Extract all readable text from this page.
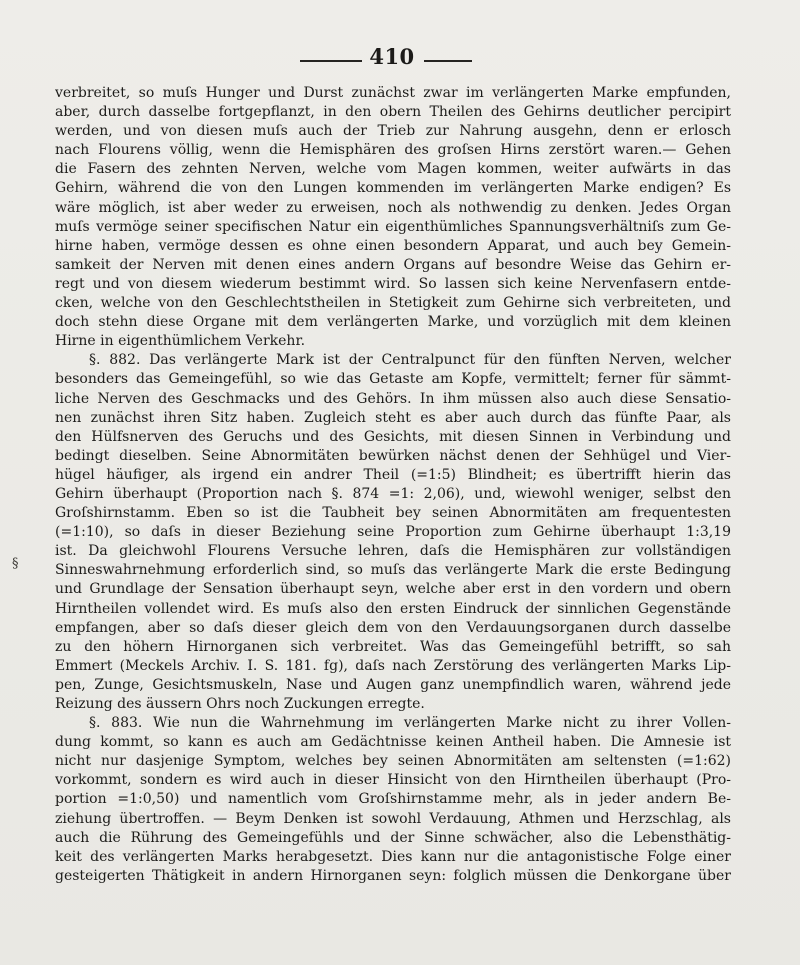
410
§
verbreitet, so muſs Hunger und Durst zunächst zwar im verlängerten Marke empfunden,
aber, durch dasselbe fortgepflanzt, in den obern Theilen des Gehirns deutlicher percipirt
werden, und von diesen muſs auch der Trieb zur Nahrung ausgehn, denn er erlosch
nach Flourens völlig, wenn die Hemisphären des groſsen Hirns zerstört waren.— Gehen
die Fasern des zehnten Nerven, welche vom Magen kommen, weiter aufwärts in das
Gehirn, während die von den Lungen kommenden im verlängerten Marke endigen? Es
wäre möglich, ist aber weder zu erweisen, noch als nothwendig zu denken. Jedes Organ
muſs vermöge seiner specifischen Natur ein eigenthümliches Spannungsverhältniſs zum Ge-
hirne haben, vermöge dessen es ohne einen besondern Apparat, und auch bey Gemein-
samkeit der Nerven mit denen eines andern Organs auf besondre Weise das Gehirn er-
regt und von diesem wiederum bestimmt wird. So lassen sich keine Nervenfasern entde-
cken, welche von den Geschlechtstheilen in Stetigkeit zum Gehirne sich verbreiteten, und
doch stehn diese Organe mit dem verlängerten Marke, und vorzüglich mit dem kleinen
Hirne in eigenthümlichem Verkehr.
§. 882. Das verlängerte Mark ist der Centralpunct für den fünften Nerven, welcher
besonders das Gemeingefühl, so wie das Getaste am Kopfe, vermittelt; ferner für sämmt-
liche Nerven des Geschmacks und des Gehörs. In ihm müssen also auch diese Sensatio-
nen zunächst ihren Sitz haben. Zugleich steht es aber auch durch das fünfte Paar, als
den Hülfsnerven des Geruchs und des Gesichts, mit diesen Sinnen in Verbindung und
bedingt dieselben. Seine Abnormitäten bewürken nächst denen der Sehhügel und Vier-
hügel häufiger, als irgend ein andrer Theil (=1:5) Blindheit; es übertrifft hierin das
Gehirn überhaupt (Proportion nach §. 874 =1: 2,06), und, wiewohl weniger, selbst den
Groſshirnstamm. Eben so ist die Taubheit bey seinen Abnormitäten am frequentesten
(=1:10), so daſs in dieser Beziehung seine Proportion zum Gehirne überhaupt 1:3,19
ist. Da gleichwohl Flourens Versuche lehren, daſs die Hemisphären zur vollständigen
Sinneswahrnehmung erforderlich sind, so muſs das verlängerte Mark die erste Bedingung
und Grundlage der Sensation überhaupt seyn, welche aber erst in den vordern und obern
Hirntheilen vollendet wird. Es muſs also den ersten Eindruck der sinnlichen Gegenstände
empfangen, aber so daſs dieser gleich dem von den Verdauungsorganen durch dasselbe
zu den höhern Hirnorganen sich verbreitet. Was das Gemeingefühl betrifft, so sah
Emmert (Meckels Archiv. I. S. 181. fg), daſs nach Zerstörung des verlängerten Marks Lip-
pen, Zunge, Gesichtsmuskeln, Nase und Augen ganz unempfindlich waren, während jede
Reizung des äussern Ohrs noch Zuckungen erregte.
§. 883. Wie nun die Wahrnehmung im verlängerten Marke nicht zu ihrer Vollen-
dung kommt, so kann es auch am Gedächtnisse keinen Antheil haben. Die Amnesie ist
nicht nur dasjenige Symptom, welches bey seinen Abnormitäten am seltensten (=1:62)
vorkommt, sondern es wird auch in dieser Hinsicht von den Hirntheilen überhaupt (Pro-
portion =1:0,50) und namentlich vom Groſshirnstamme mehr, als in jeder andern Be-
ziehung übertroffen. — Beym Denken ist sowohl Verdauung, Athmen und Herzschlag, als
auch die Rührung des Gemeingefühls und der Sinne schwächer, also die Lebensthätig-
keit des verlängerten Marks herabgesetzt. Dies kann nur die antagonistische Folge einer
gesteigerten Thätigkeit in andern Hirnorganen seyn: folglich müssen die Denkorgane über
